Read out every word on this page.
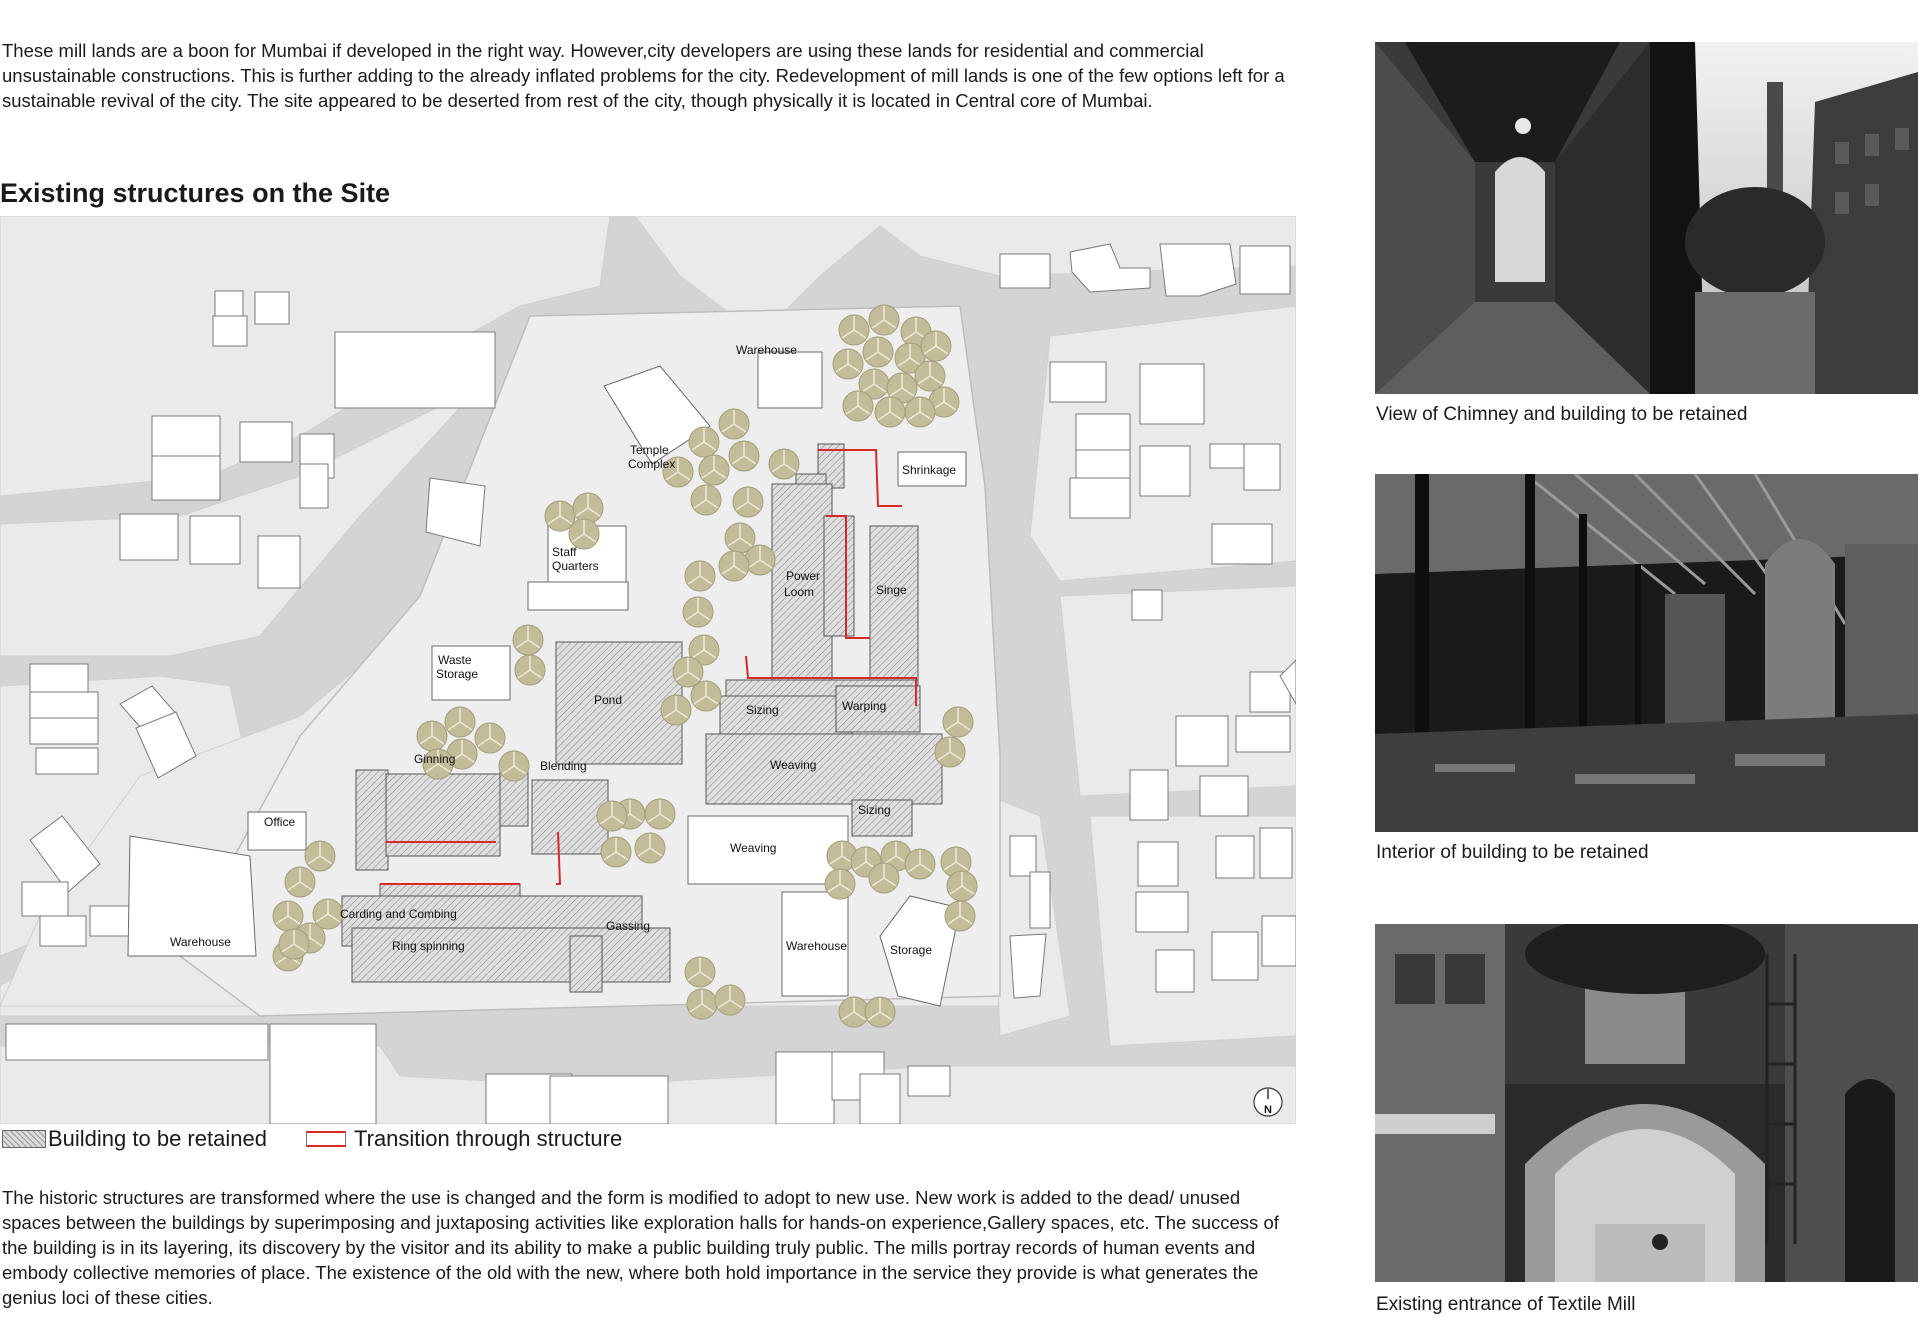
These mill lands are a boon for Mumbai if developed in the right way. However,city developers are using these lands for residential and commercial unsustainable constructions. This is further adding to the already inflated problems for the city. Redevelopment of mill lands is one of the few options left for a sustainable revival of the city. The site appeared to be deserted from rest of the city, though physically it is located in Central core of Mumbai.

Existing structures on the Site
Warehouse
Temple
Complex	Shrinkage
Staff
Quarters
Power
Loom	Singe
Waste
Storage
Pond
Sizing	Warping
Weaving
Ginning	Blending
Office
Sizing
Weaving
Carding and Combing
Gassing
Warehouse	Ring spinning	Warehouse	Storage
N
Building to be retained	Transition through structure

The historic structures are transformed where the use is changed and the form is modified to adopt to new use. New work is added to the dead/ unused spaces between the buildings by superimposing and juxtaposing activities like exploration halls for hands-on experience,Gallery spaces, etc. The success of the building is in its layering, its discovery by the visitor and its ability to make a public building truly public. The mills portray records of human events and embody collective memories of place. The existence of the old with the new, where both hold importance in the service they provide is what generates the genius loci of these cities.

View of Chimney and building to be retained
Interior of building to be retained
Existing entrance of Textile Mill
